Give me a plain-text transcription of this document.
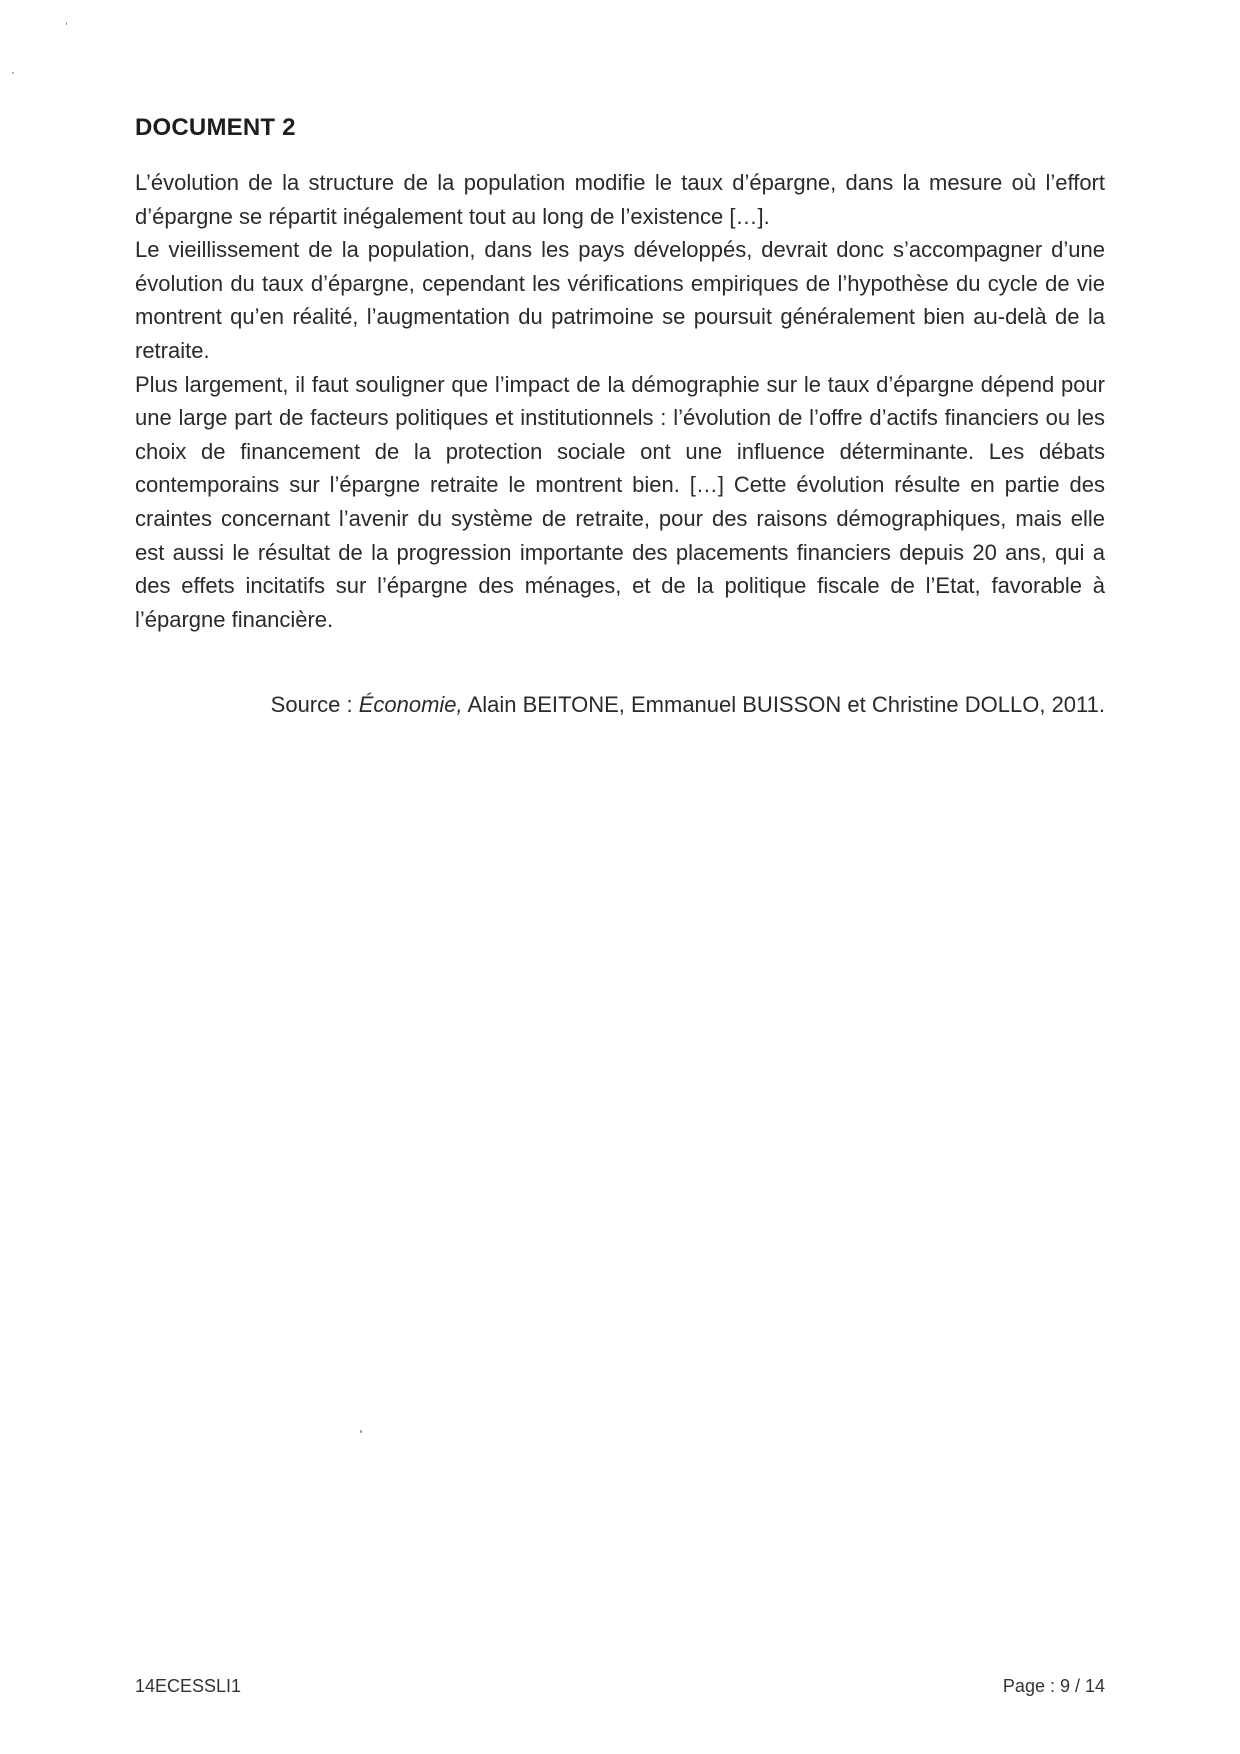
DOCUMENT 2

L’évolution de la structure de la population modifie le taux d’épargne, dans la mesure où l’effort d’épargne se répartit inégalement tout au long de l’existence […].

Le vieillissement de la population, dans les pays développés, devrait donc s’accompagner d’une évolution du taux d’épargne, cependant les vérifications empiriques de l’hypothèse du cycle de vie montrent qu’en réalité, l’augmentation du patrimoine se poursuit généralement bien au-delà de la retraite.

Plus largement, il faut souligner que l’impact de la démographie sur le taux d’épargne dépend pour une large part de facteurs politiques et institutionnels : l’évolution de l’offre d’actifs financiers ou les choix de financement de la protection sociale ont une influence déterminante. Les débats contemporains sur l’épargne retraite le montrent bien. […] Cette évolution résulte en partie des craintes concernant l’avenir du système de retraite, pour des raisons démographiques, mais elle est aussi le résultat de la progression importante des placements financiers depuis 20 ans, qui a des effets incitatifs sur l’épargne des ménages, et de la politique fiscale de l’Etat, favorable à l’épargne financière.

Source : Économie, Alain BEITONE, Emmanuel BUISSON et Christine DOLLO, 2011.
14ECESSLI1	Page : 9 / 14
